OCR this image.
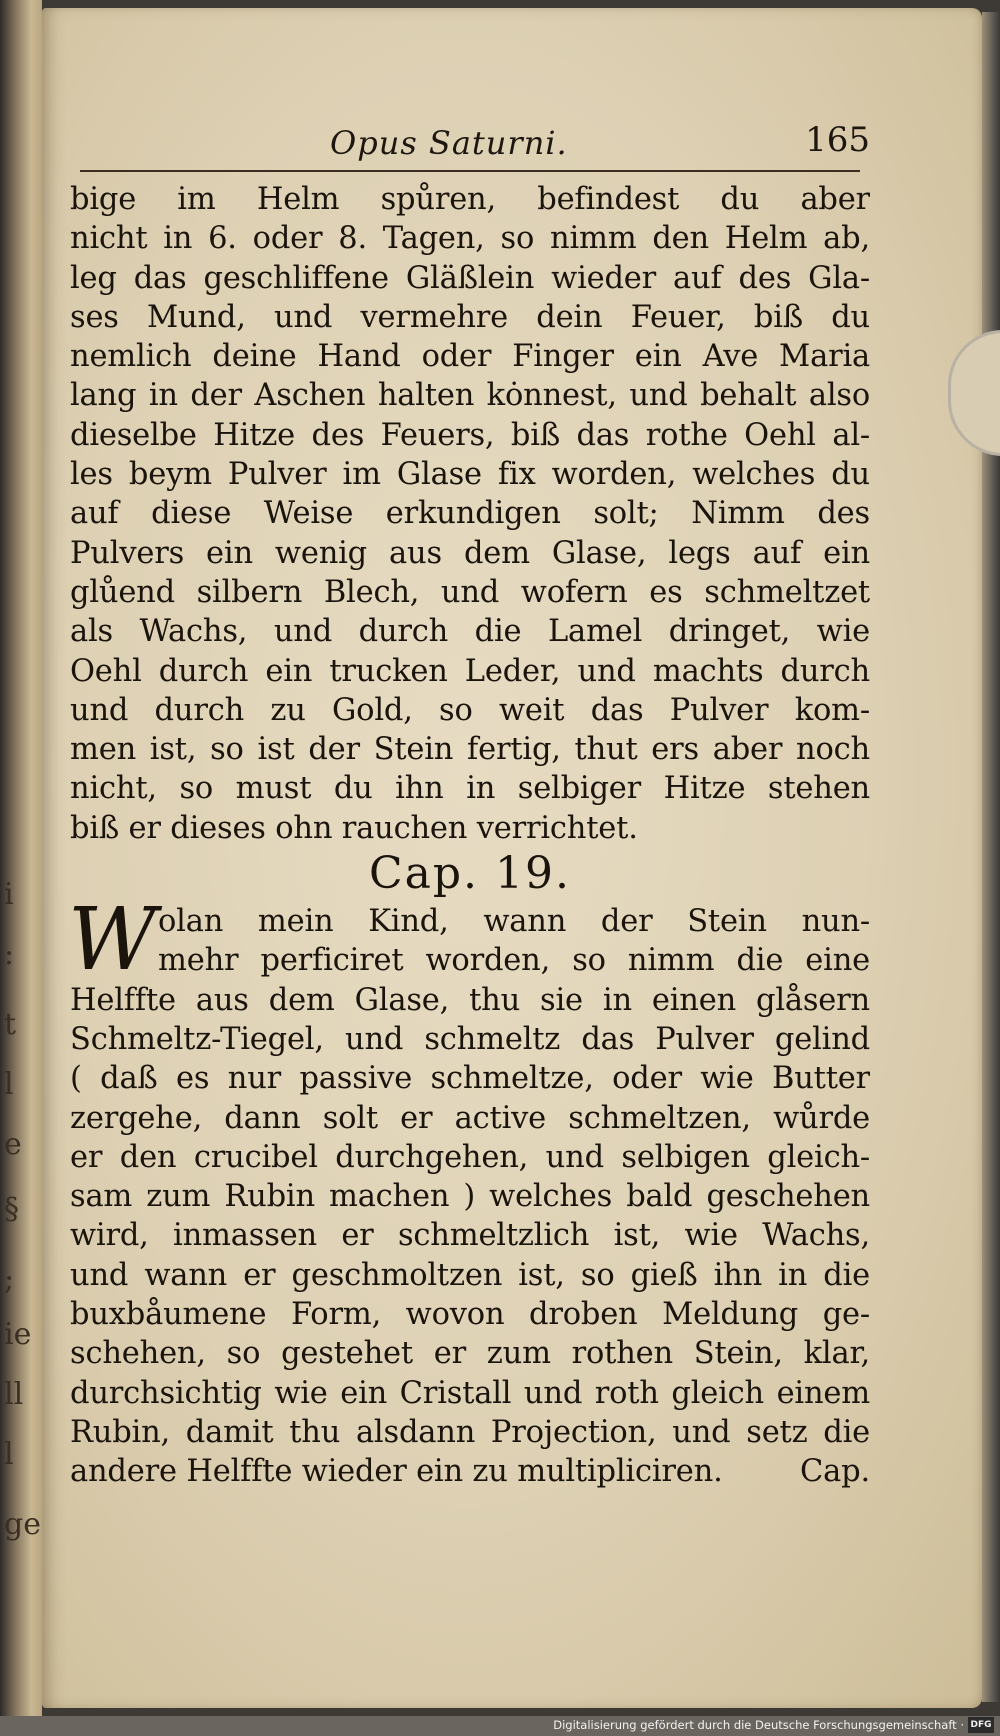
i
:
t
l
e
§
;
ie
ll
l
ge
Opus Saturni.	165
bige im Helm spůren, befindest du aber
nicht in 6. oder 8. Tagen, so nimm den Helm ab,
leg das geschliffene Gläßlein wieder auf des Gla-
ses Mund, und vermehre dein Feuer, biß du
nemlich deine Hand oder Finger ein Ave Maria
lang in der Aschen halten kȯnnest, und behalt also
dieselbe Hitze des Feuers, biß das rothe Oehl al-
les beym Pulver im Glase fix worden, welches du
auf diese Weise erkundigen solt; Nimm des
Pulvers ein wenig aus dem Glase, legs auf ein
glůend silbern Blech, und wofern es schmeltzet
als Wachs, und durch die Lamel dringet, wie
Oehl durch ein trucken Leder, und machts durch
und durch zu Gold, so weit das Pulver kom-
men ist, so ist der Stein fertig, thut ers aber noch
nicht, so must du ihn in selbiger Hitze stehen
biß er dieses ohn rauchen verrichtet.
Cap. 19.
W olan mein Kind, wann der Stein nun-
mehr perficiret worden, so nimm die eine
Helffte aus dem Glase, thu sie in einen glåsern
Schmeltz-Tiegel, und schmeltz das Pulver gelind
( daß es nur passive schmeltze, oder wie Butter
zergehe, dann solt er active schmeltzen, wůrde
er den crucibel durchgehen, und selbigen gleich-
sam zum Rubin machen ) welches bald geschehen
wird, inmassen er schmeltzlich ist, wie Wachs,
und wann er geschmoltzen ist, so gieß ihn in die
buxbåumene Form, wovon droben Meldung ge-
schehen, so gestehet er zum rothen Stein, klar,
durchsichtig wie ein Cristall und roth gleich einem
Rubin, damit thu alsdann Projection, und setz die
andere Helffte wieder ein zu multipliciren.	Cap.
Digitalisierung gefördert durch die Deutsche Forschungsgemeinschaft · DFG
